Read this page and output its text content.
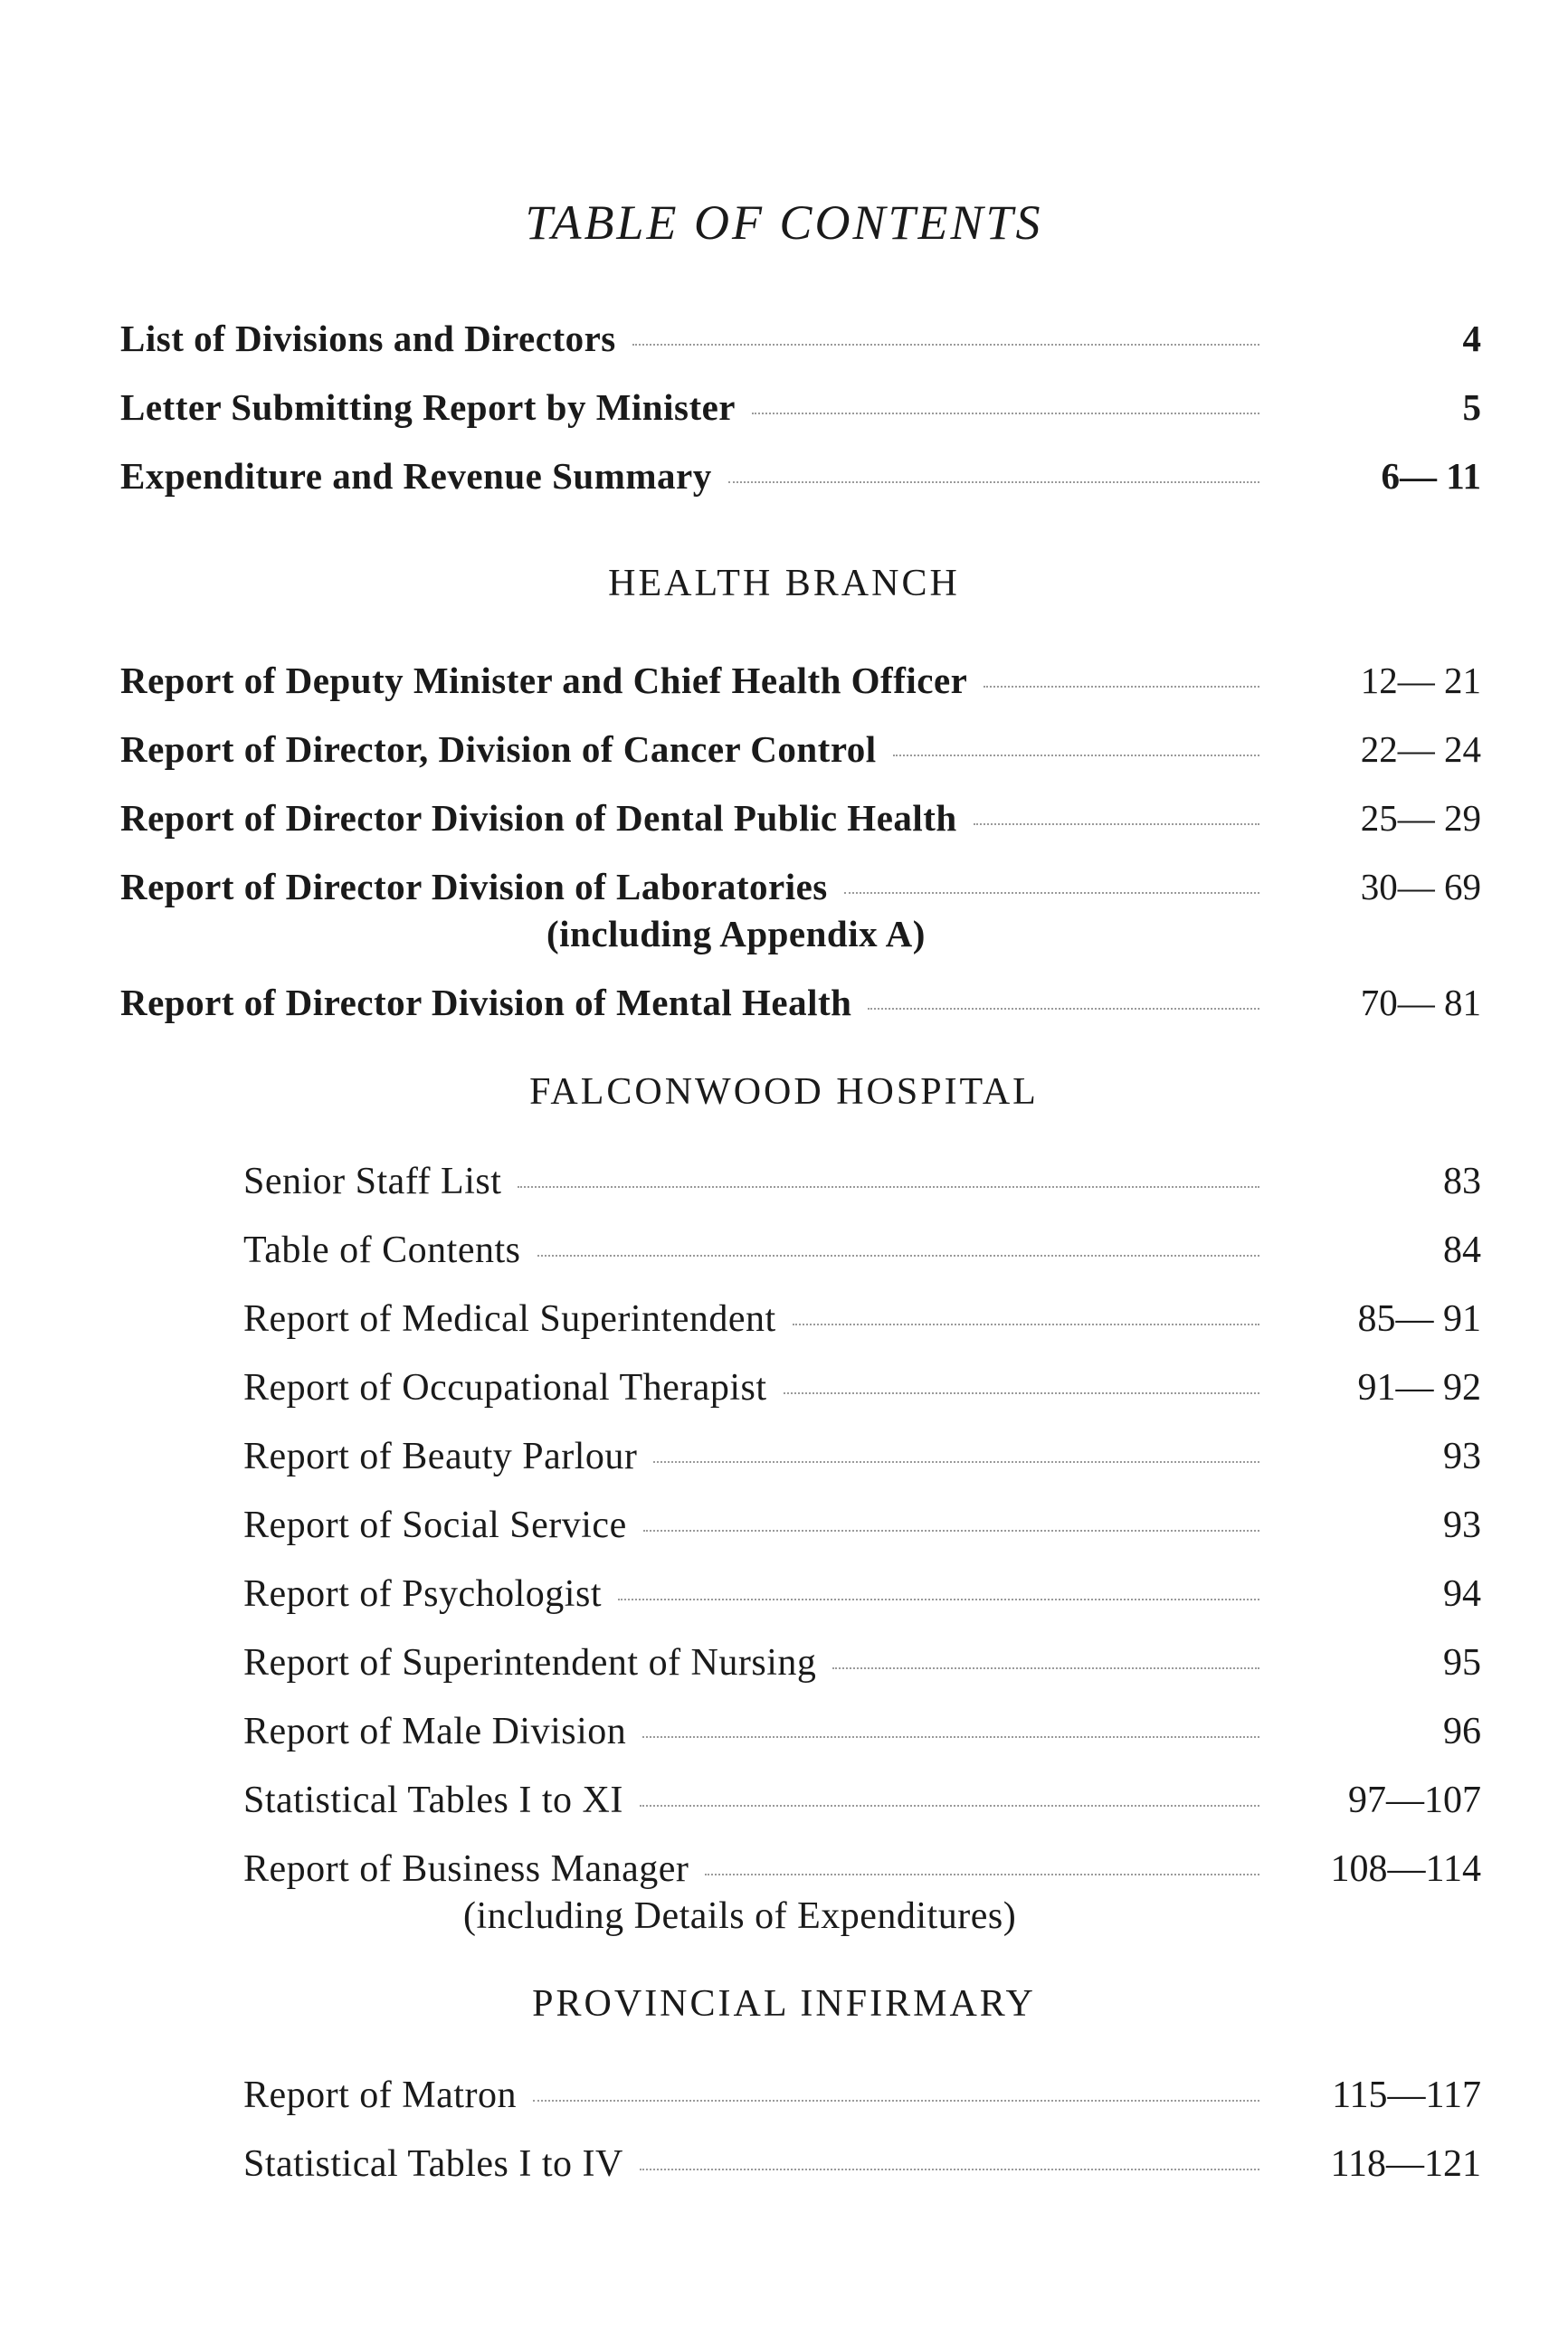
TABLE OF CONTENTS
List of Divisions and Directors	4
Letter Submitting Report by Minister	5
Expenditure and Revenue Summary	6— 11
HEALTH BRANCH
Report of Deputy Minister and Chief Health Officer	12— 21
Report of Director, Division of Cancer Control	22— 24
Report of Director Division of Dental Public Health	25— 29
Report of Director Division of Laboratories	30— 69
(including Appendix A)
Report of Director Division of Mental Health	70— 81
FALCONWOOD HOSPITAL
Senior Staff List	83
Table of Contents	84
Report of Medical Superintendent	85— 91
Report of Occupational Therapist	91— 92
Report of Beauty Parlour	93
Report of Social Service	93
Report of Psychologist	94
Report of Superintendent of Nursing	95
Report of Male Division	96
Statistical Tables I to XI	97—107
Report of Business Manager	108—114
(including Details of Expenditures)
PROVINCIAL INFIRMARY
Report of Matron	115—117
Statistical Tables I to IV	118—121
